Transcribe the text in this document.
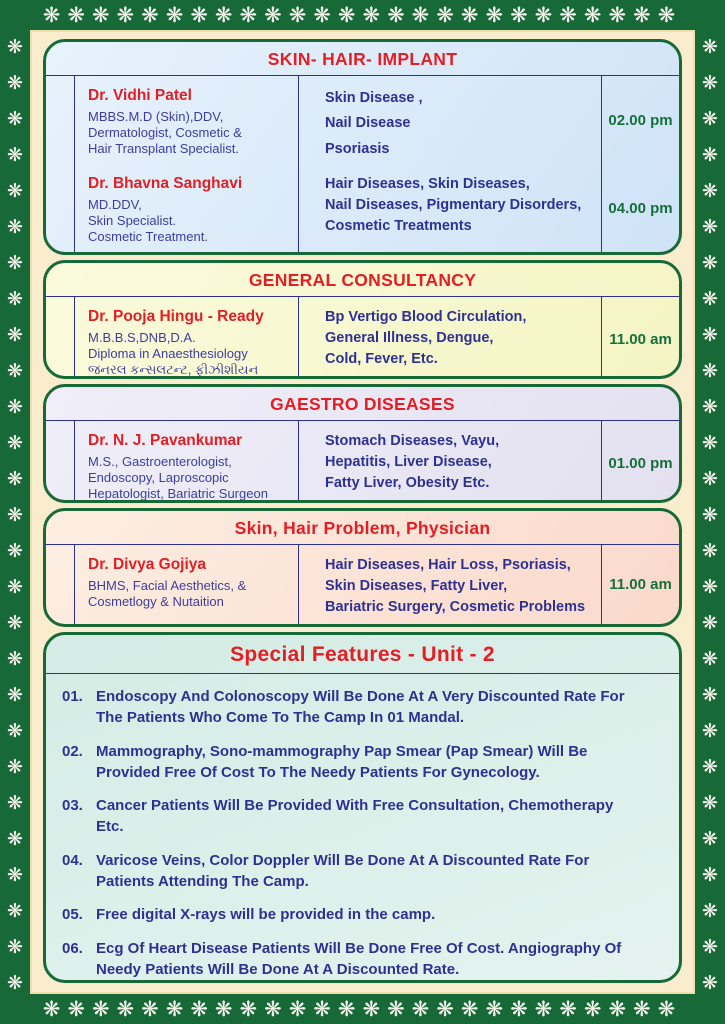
❋❋❋❋❋❋❋❋❋❋❋❋❋❋❋❋❋❋❋❋❋❋❋❋❋❋
❋❋❋❋❋❋❋❋❋❋❋❋❋❋❋❋❋❋❋❋❋❋❋❋❋❋
❋❋❋❋❋❋❋❋❋❋❋❋❋❋❋❋❋❋❋❋❋❋❋❋❋❋❋
❋❋❋❋❋❋❋❋❋❋❋❋❋❋❋❋❋❋❋❋❋❋❋❋❋❋❋
SKIN- HAIR- IMPLANT
Dr. Vidhi Patel
MBBS.M.D (Skin),DDV,
Dermatologist, Cosmetic &
Hair Transplant Specialist.
Skin Disease ,
Nail Disease
Psoriasis
02.00 pm
Dr. Bhavna Sanghavi
MD.DDV,
Skin Specialist.
Cosmetic Treatment.
Hair Diseases, Skin Diseases,
Nail Diseases, Pigmentary Disorders,
Cosmetic Treatments
04.00 pm
GENERAL CONSULTANCY
Dr. Pooja Hingu - Ready
M.B.B.S,DNB,D.A.
Diploma in Anaesthesiology
જનરલ કન્સલટન્ટ, ફીઝીશીયન
Bp Vertigo Blood Circulation,
General Illness, Dengue,
Cold, Fever, Etc.
11.00 am
GAESTRO DISEASES
Dr. N. J. Pavankumar
M.S., Gastroenterologist,
Endoscopy, Laproscopic
Hepatologist, Bariatric Surgeon
Stomach Diseases, Vayu,
Hepatitis, Liver Disease,
Fatty Liver, Obesity Etc.
01.00 pm
Skin, Hair Problem, Physician
Dr. Divya Gojiya
BHMS, Facial Aesthetics, &
Cosmetlogy & Nutaition
Hair Diseases, Hair Loss, Psoriasis,
Skin Diseases, Fatty Liver,
Bariatric Surgery, Cosmetic Problems
11.00 am
Special Features - Unit - 2
01. Endoscopy And Colonoscopy Will Be Done At A Very Discounted Rate For The Patients Who Come To The Camp In 01 Mandal.
02. Mammography, Sono-mammography Pap Smear (Pap Smear) Will Be Provided Free Of Cost To The Needy Patients For Gynecology.
03. Cancer Patients Will Be Provided With Free Consultation, Chemotherapy Etc.
04. Varicose Veins, Color Doppler Will Be Done At A Discounted Rate For Patients Attending The Camp.
05. Free digital X-rays will be provided in the camp.
06. Ecg Of Heart Disease Patients Will Be Done Free Of Cost. Angiography Of Needy Patients Will Be Done At A Discounted Rate.
